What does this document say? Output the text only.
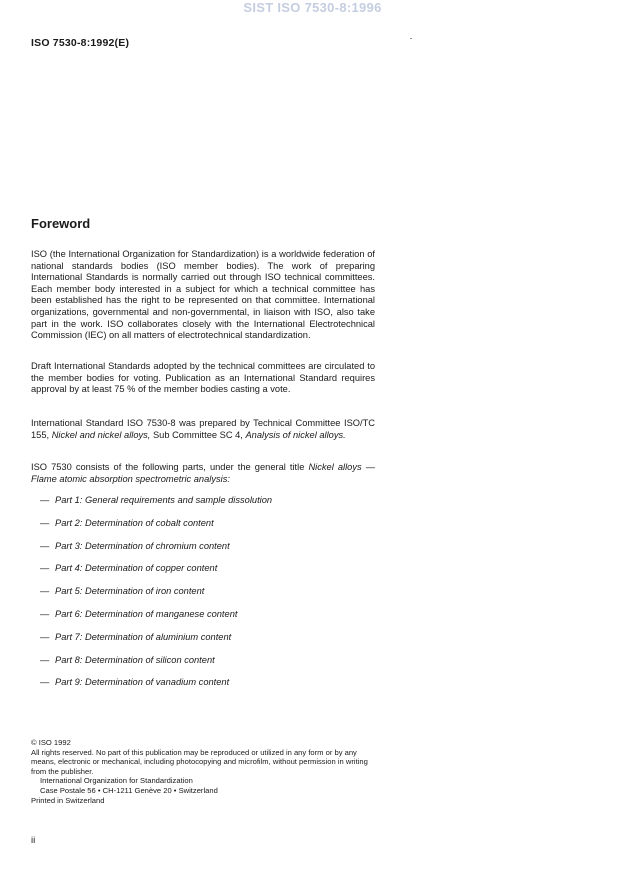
SIST ISO 7530-8:1996
ISO 7530-8:1992(E)
Foreword

ISO (the International Organization for Standardization) is a worldwide federation of national standards bodies (ISO member bodies). The work of preparing International Standards is normally carried out through ISO technical committees. Each member body interested in a subject for which a technical committee has been established has the right to be represented on that committee. International organizations, governmental and non-governmental, in liaison with ISO, also take part in the work. ISO collaborates closely with the International Electrotechnical Commission (IEC) on all matters of electrotechnical standardization.

Draft International Standards adopted by the technical committees are circulated to the member bodies for voting. Publication as an International Standard requires approval by at least 75 % of the member bodies casting a vote.

International Standard ISO 7530-8 was prepared by Technical Committee ISO/TC 155, Nickel and nickel alloys, Sub Committee SC 4, Analysis of nickel alloys.

ISO 7530 consists of the following parts, under the general title Nickel alloys — Flame atomic absorption spectrometric analysis:

— Part 1: General requirements and sample dissolution
— Part 2: Determination of cobalt content
— Part 3: Determination of chromium content
— Part 4: Determination of copper content
— Part 5: Determination of iron content
— Part 6: Determination of manganese content
— Part 7: Determination of aluminium content
— Part 8: Determination of silicon content
— Part 9: Determination of vanadium content

© ISO 1992

All rights reserved. No part of this publication may be reproduced or utilized in any form or by any means, electronic or mechanical, including photocopying and microfilm, without permission in writing from the publisher.

International Organization for Standardization

Case Postale 56 • CH-1211 Genève 20 • Switzerland

Printed in Switzerland

ii
